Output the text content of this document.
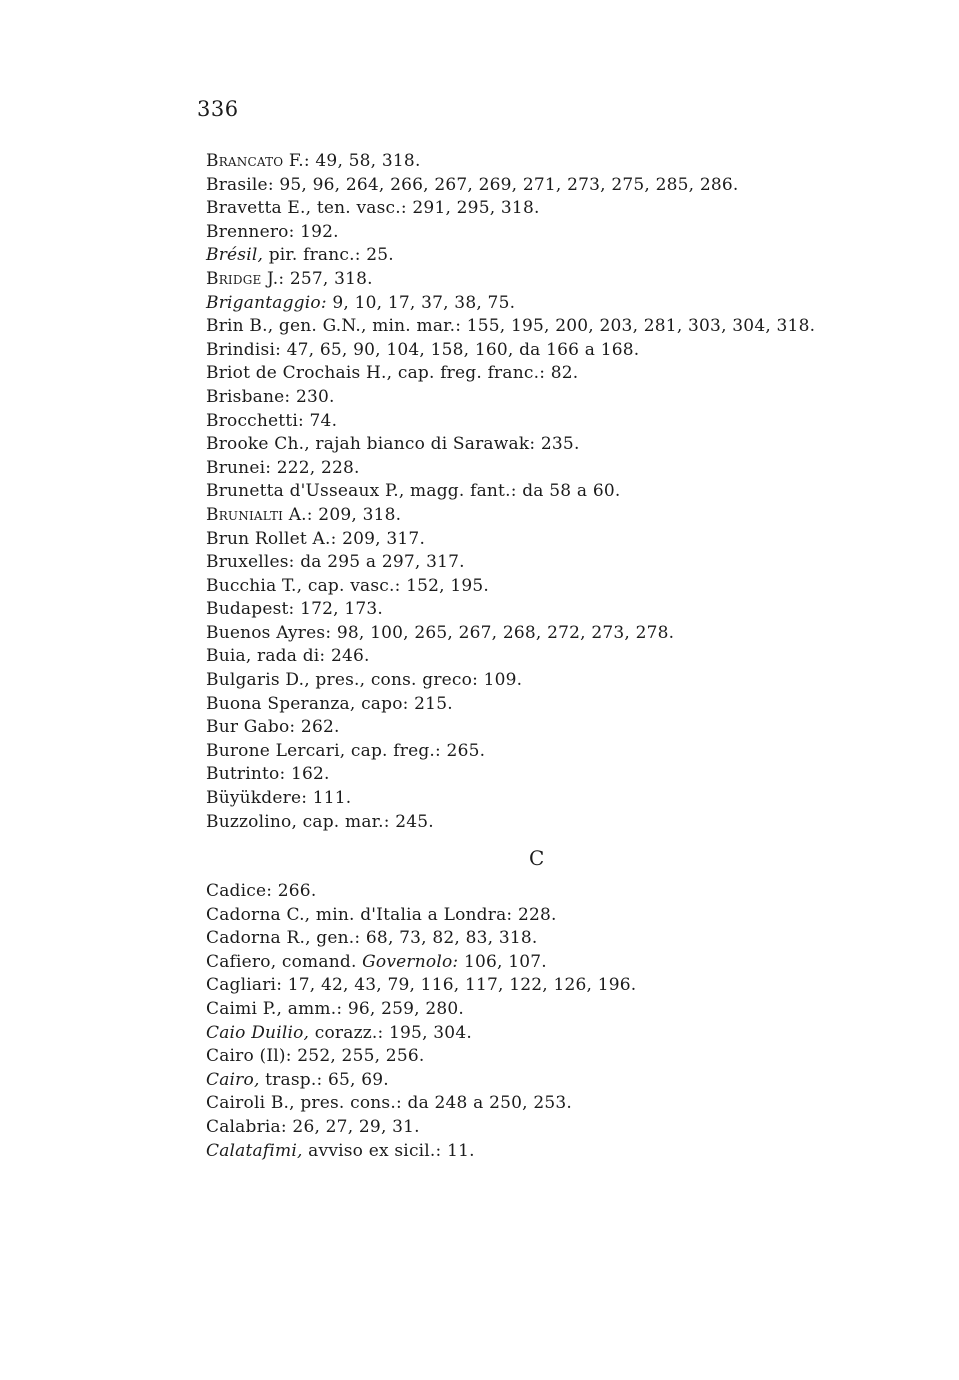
336
Brancato F.: 49, 58, 318.
Brasile: 95, 96, 264, 266, 267, 269, 271, 273, 275, 285, 286.
Bravetta E., ten. vasc.: 291, 295, 318.
Brennero: 192.
Brésil, pir. franc.: 25.
Bridge J.: 257, 318.
Brigantaggio: 9, 10, 17, 37, 38, 75.
Brin B., gen. G.N., min. mar.: 155, 195, 200, 203, 281, 303, 304, 318.
Brindisi: 47, 65, 90, 104, 158, 160, da 166 a 168.
Briot de Crochais H., cap. freg. franc.: 82.
Brisbane: 230.
Brocchetti: 74.
Brooke Ch., rajah bianco di Sarawak: 235.
Brunei: 222, 228.
Brunetta d'Usseaux P., magg. fant.: da 58 a 60.
Brunialti A.: 209, 318.
Brun Rollet A.: 209, 317.
Bruxelles: da 295 a 297, 317.
Bucchia T., cap. vasc.: 152, 195.
Budapest: 172, 173.
Buenos Ayres: 98, 100, 265, 267, 268, 272, 273, 278.
Buia, rada di: 246.
Bulgaris D., pres., cons. greco: 109.
Buona Speranza, capo: 215.
Bur Gabo: 262.
Burone Lercari, cap. freg.: 265.
Butrinto: 162.
Büyükdere: 111.
Buzzolino, cap. mar.: 245.
C
Cadice: 266.
Cadorna C., min. d'Italia a Londra: 228.
Cadorna R., gen.: 68, 73, 82, 83, 318.
Cafiero, comand. Governolo: 106, 107.
Cagliari: 17, 42, 43, 79, 116, 117, 122, 126, 196.
Caimi P., amm.: 96, 259, 280.
Caio Duilio, corazz.: 195, 304.
Cairo (Il): 252, 255, 256.
Cairo, trasp.: 65, 69.
Cairoli B., pres. cons.: da 248 a 250, 253.
Calabria: 26, 27, 29, 31.
Calatafimi, avviso ex sicil.: 11.
